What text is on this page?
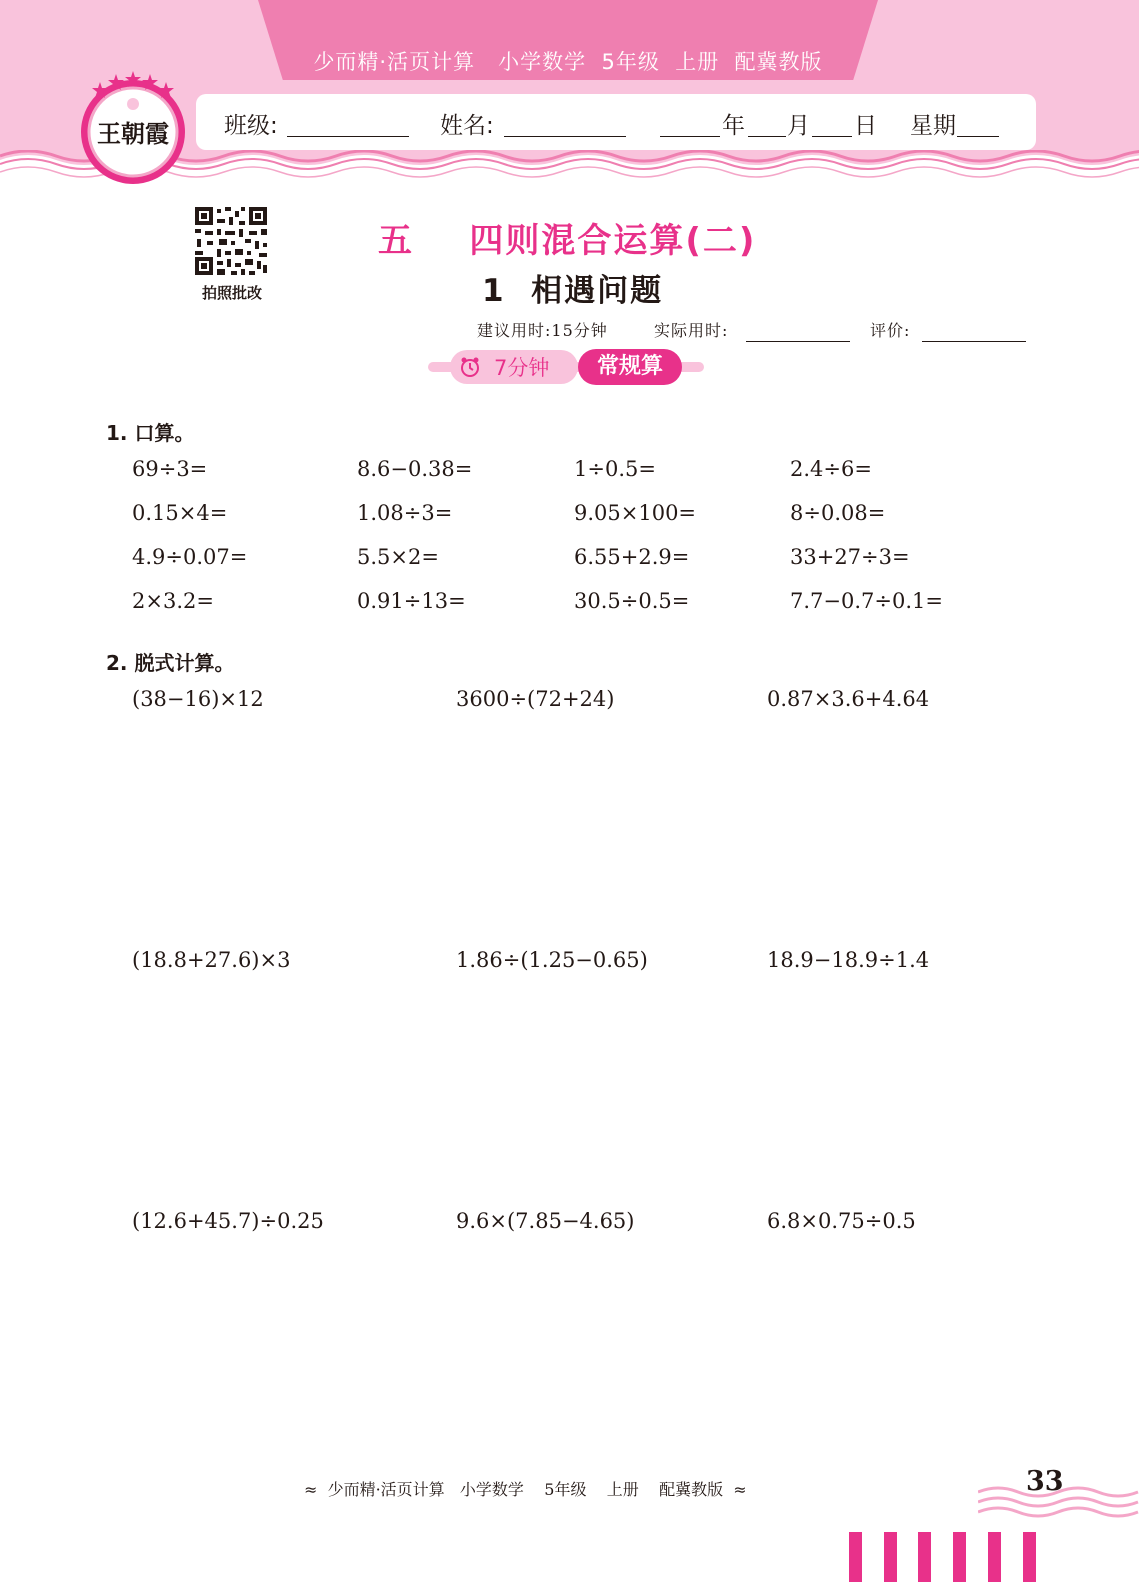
少而精·活页计算   小学数学  5年级  上册  配冀教版
班级:	姓名:	年 月 日 星期
王朝霞
拍照批改
五    四则混合运算(二)
1  相遇问题
建议用时:15分钟	实际用时:	评价:
7分钟	常规算
1. 口算。
69÷3=	8.6−0.38=	1÷0.5=	2.4÷6=
0.15×4=	1.08÷3=	9.05×100=	8÷0.08=
4.9÷0.07=	5.5×2=	6.55+2.9=	33+27÷3=
2×3.2=	0.91÷13=	30.5÷0.5=	7.7−0.7÷0.1=
2. 脱式计算。
(38−16)×12	3600÷(72+24)	0.87×3.6+4.64
(18.8+27.6)×3	1.86÷(1.25−0.65)	18.9−18.9÷1.4
(12.6+45.7)÷0.25	9.6×(7.85−4.65)	6.8×0.75÷0.5
≈  少而精·活页计算   小学数学    5年级    上册    配冀教版  ≈	33
